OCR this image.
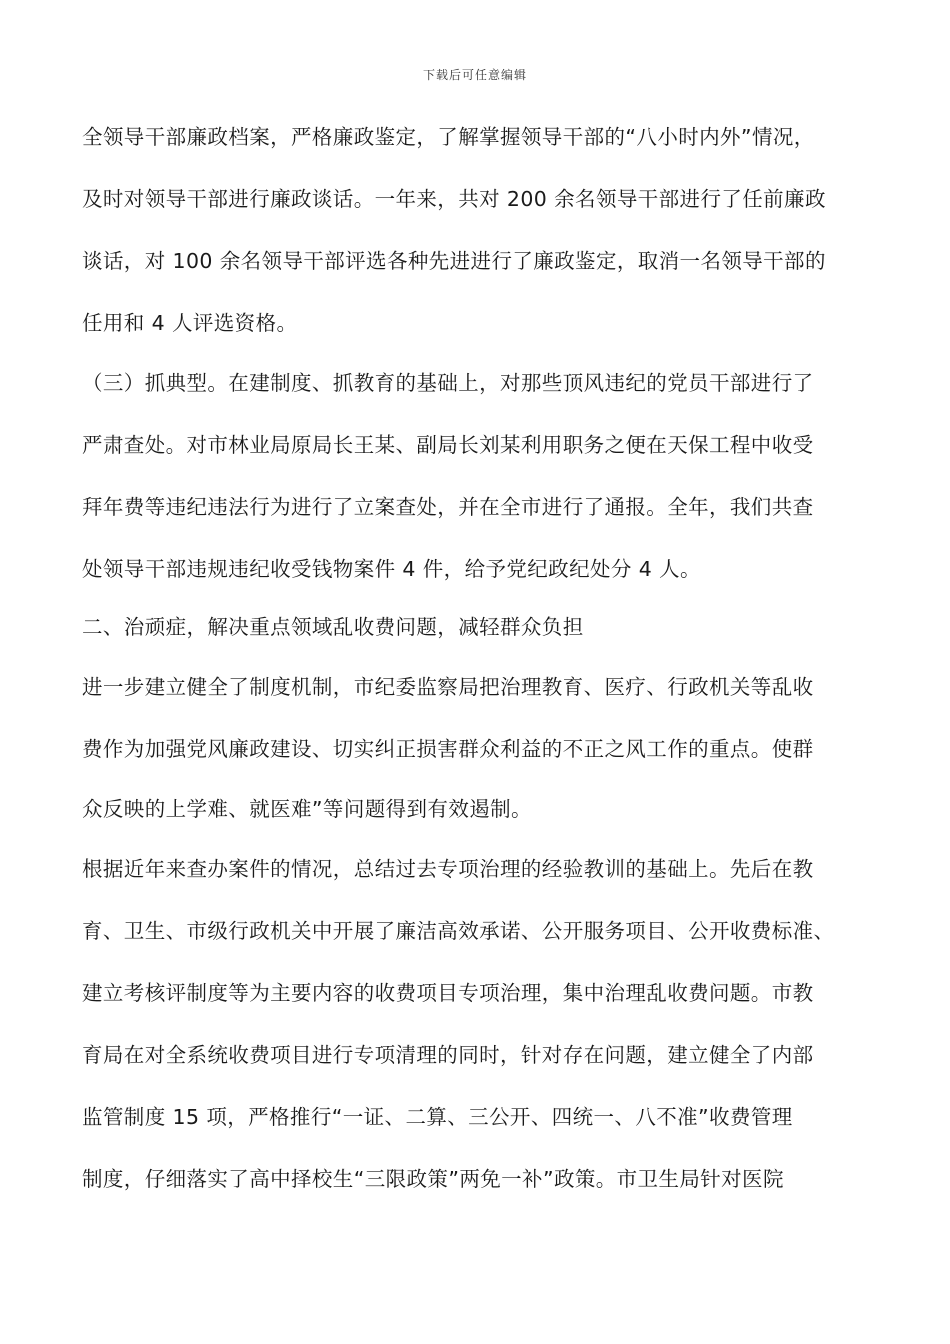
下载后可任意编辑
全领导干部廉政档案，严格廉政鉴定，了解掌握领导干部的“八小时内外”情况，
及时对领导干部进行廉政谈话。一年来，共对 200 余名领导干部进行了任前廉政
谈话，对 100 余名领导干部评选各种先进进行了廉政鉴定，取消一名领导干部的
任用和 4 人评选资格。
（三）抓典型。在建制度、抓教育的基础上，对那些顶风违纪的党员干部进行了
严肃查处。对市林业局原局长王某、副局长刘某利用职务之便在天保工程中收受
拜年费等违纪违法行为进行了立案查处，并在全市进行了通报。全年，我们共查
处领导干部违规违纪收受钱物案件 4 件，给予党纪政纪处分 4 人。
二、治顽症，解决重点领域乱收费问题，减轻群众负担
进一步建立健全了制度机制，市纪委监察局把治理教育、医疗、行政机关等乱收
费作为加强党风廉政建设、切实纠正损害群众利益的不正之风工作的重点。使群
众反映的上学难、就医难”等问题得到有效遏制。
根据近年来查办案件的情况，总结过去专项治理的经验教训的基础上。先后在教
育、卫生、市级行政机关中开展了廉洁高效承诺、公开服务项目、公开收费标准、
建立考核评制度等为主要内容的收费项目专项治理，集中治理乱收费问题。市教
育局在对全系统收费项目进行专项清理的同时，针对存在问题，建立健全了内部
监管制度 15 项，严格推行“一证、二算、三公开、四统一、八不准”收费管理
制度，仔细落实了高中择校生“三限政策”两免一补”政策。市卫生局针对医院
